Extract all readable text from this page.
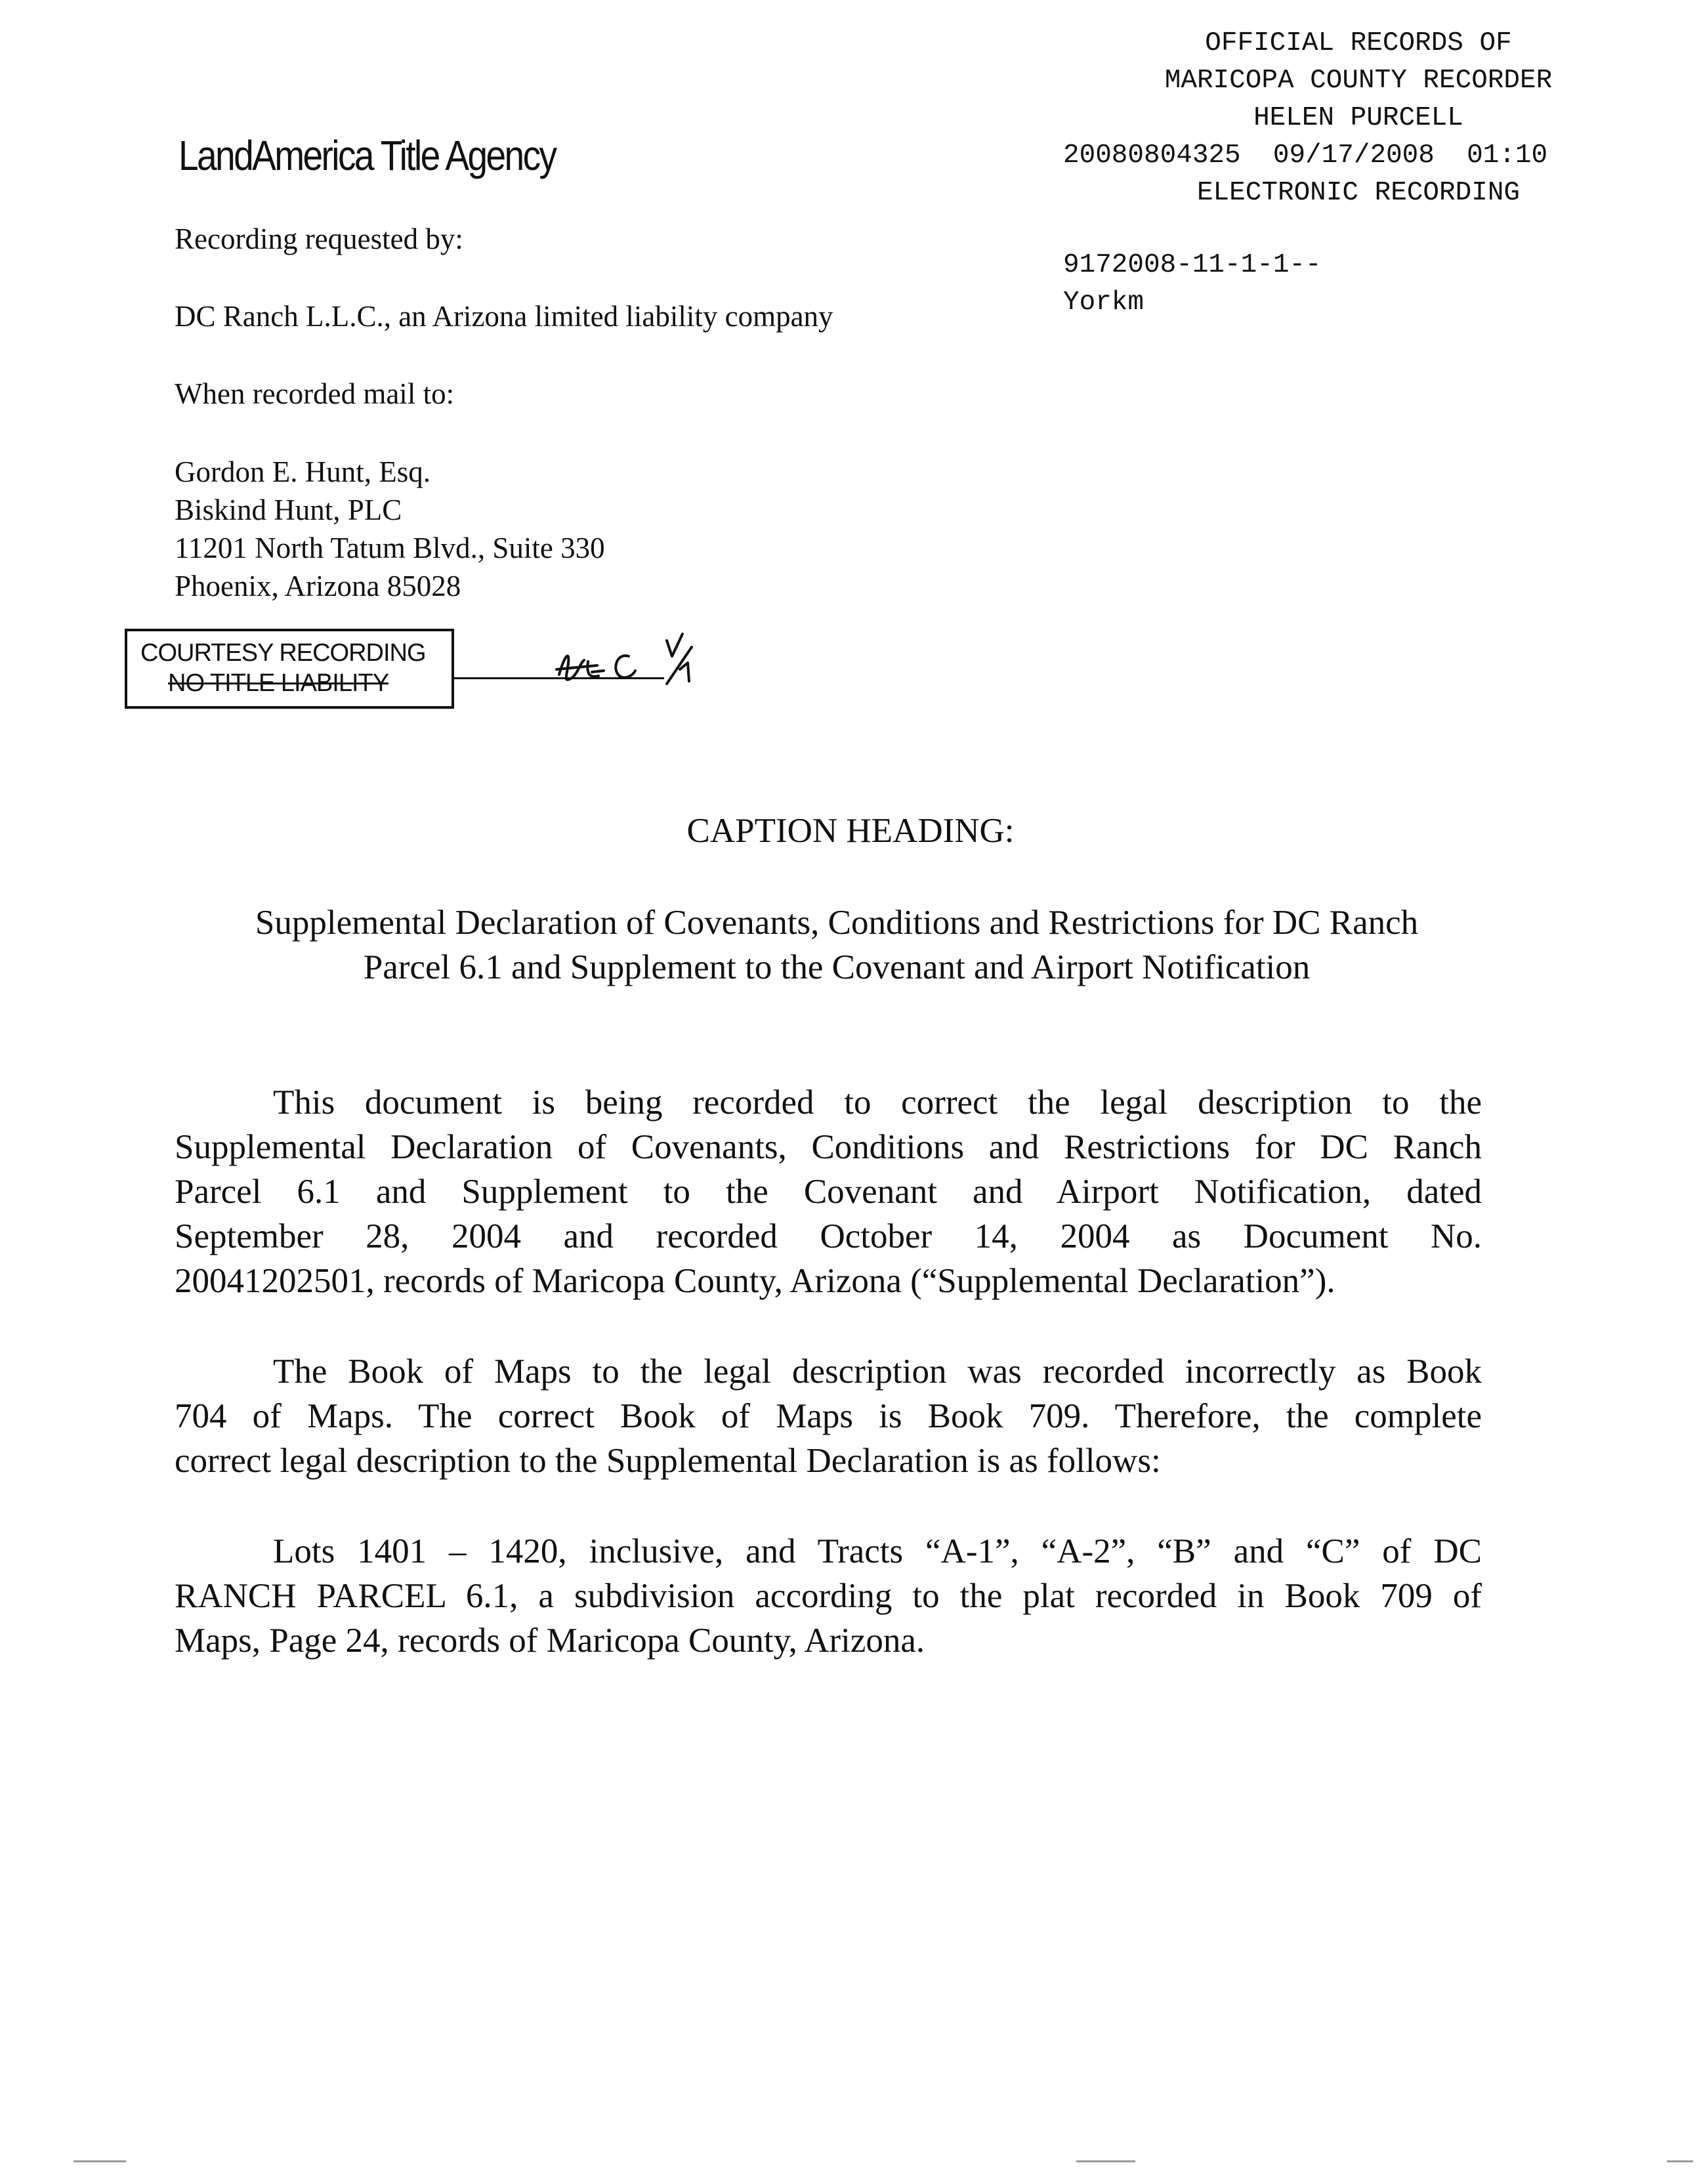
LandAmerica Title Agency
OFFICIAL RECORDS OF
MARICOPA COUNTY RECORDER
HELEN PURCELL
20080804325  09/17/2008  01:10
ELECTRONIC RECORDING
9172008-11-1-1--
Yorkm
Recording requested by:
DC Ranch L.L.C., an Arizona limited liability company
When recorded mail to:
Gordon E. Hunt, Esq.
Biskind Hunt, PLC
11201 North Tatum Blvd., Suite 330
Phoenix, Arizona 85028
COURTESY RECORDING
NO TITLE LIABILITY
CAPTION HEADING:
Supplemental Declaration of Covenants, Conditions and Restrictions for DC Ranch
Parcel 6.1 and Supplement to the Covenant and Airport Notification
This document is being recorded to correct the legal description to the
Supplemental Declaration of Covenants, Conditions and Restrictions for DC Ranch
Parcel 6.1 and Supplement to the Covenant and Airport Notification, dated
September 28, 2004 and recorded October 14, 2004 as Document No.
20041202501, records of Maricopa County, Arizona (“Supplemental Declaration”).
The Book of Maps to the legal description was recorded incorrectly as Book
704 of Maps. The correct Book of Maps is Book 709. Therefore, the complete
correct legal description to the Supplemental Declaration is as follows:
Lots 1401 – 1420, inclusive, and Tracts “A-1”, “A-2”, “B” and “C” of DC
RANCH PARCEL 6.1, a subdivision according to the plat recorded in Book 709 of
Maps, Page 24, records of Maricopa County, Arizona.
